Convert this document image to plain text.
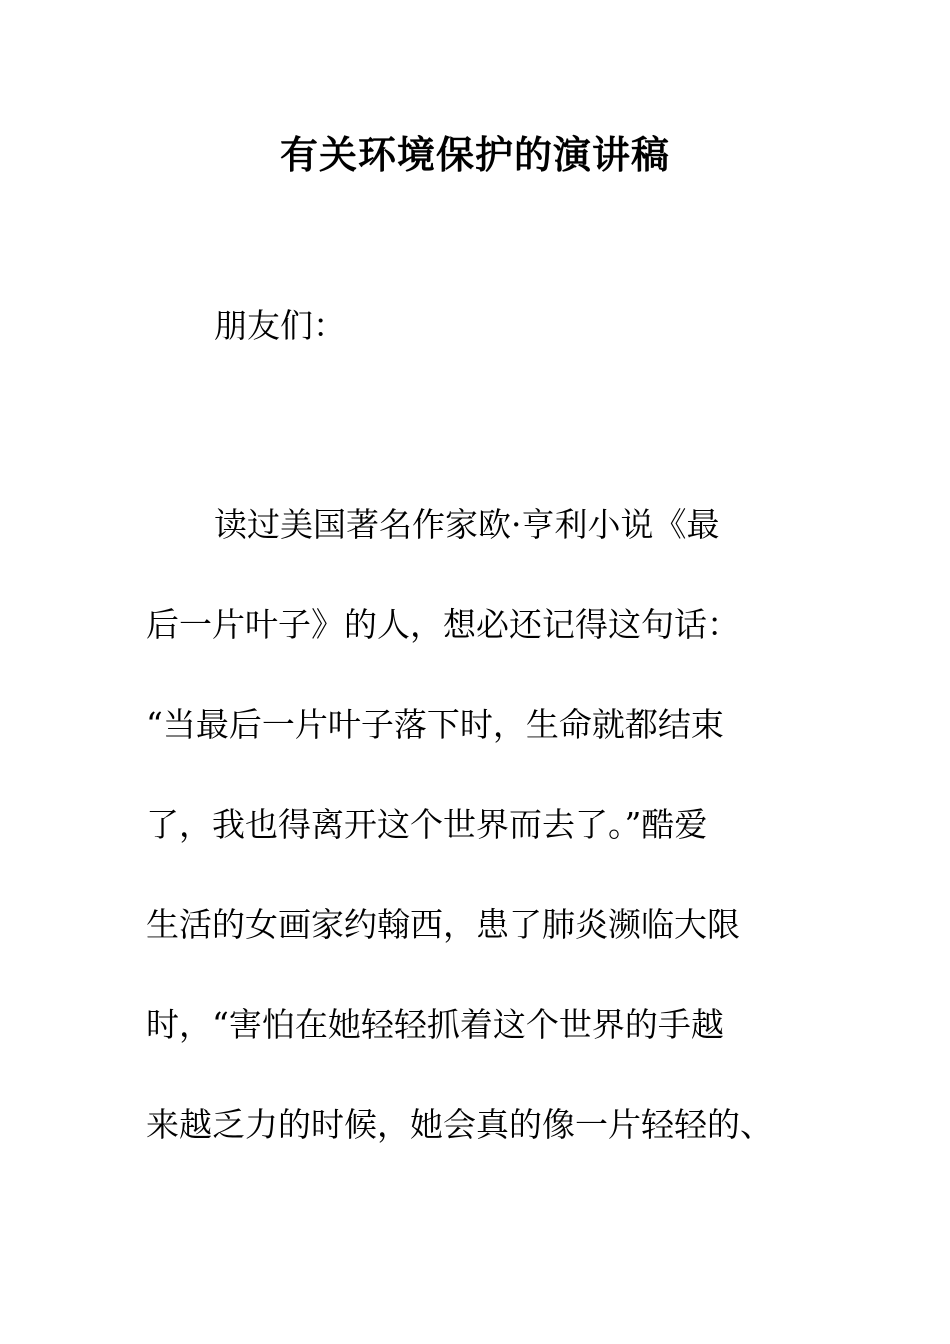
有关环境保护的演讲稿
朋友们：
读过美国著名作家欧·亨利小说《最
后一片叶子》的人，想必还记得这句话：
“当最后一片叶子落下时，生命就都结束
了，我也得离开这个世界而去了。”酷爱
生活的女画家约翰西，患了肺炎濒临大限
时，“害怕在她轻轻抓着这个世界的手越
来越乏力的时候，她会真的像一片轻轻的、
